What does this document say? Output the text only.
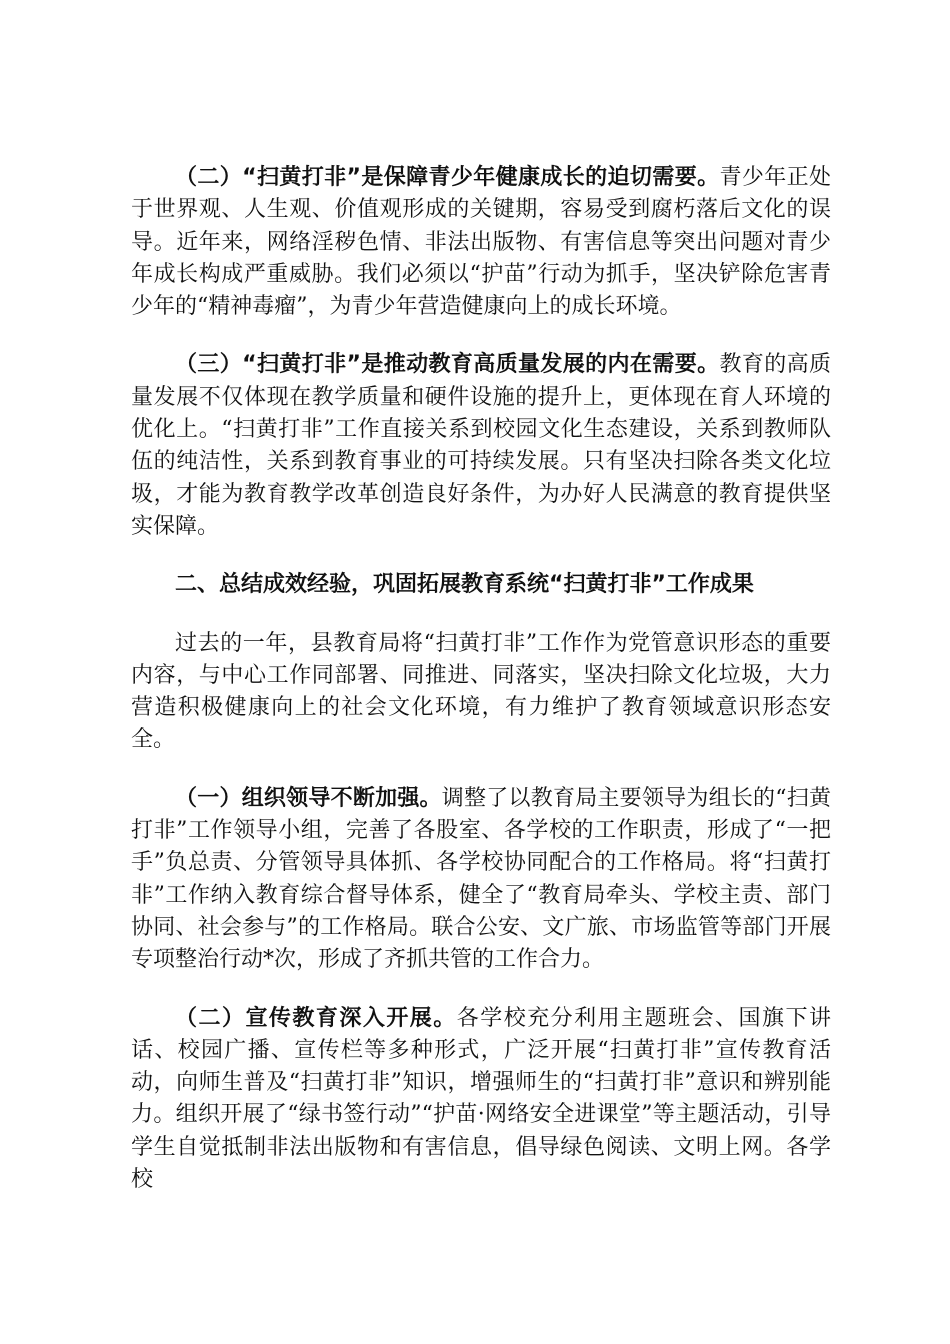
（二）“扫黄打非”是保障青少年健康成长的迫切需要。青少年正处于世界观、人生观、价值观形成的关键期，容易受到腐朽落后文化的误导。近年来，网络淫秽色情、非法出版物、有害信息等突出问题对青少年成长构成严重威胁。我们必须以“护苗”行动为抓手，坚决铲除危害青少年的“精神毒瘤”，为青少年营造健康向上的成长环境。

（三）“扫黄打非”是推动教育高质量发展的内在需要。教育的高质量发展不仅体现在教学质量和硬件设施的提升上，更体现在育人环境的优化上。“扫黄打非”工作直接关系到校园文化生态建设，关系到教师队伍的纯洁性，关系到教育事业的可持续发展。只有坚决扫除各类文化垃圾，才能为教育教学改革创造良好条件，为办好人民满意的教育提供坚实保障。

二、总结成效经验，巩固拓展教育系统“扫黄打非”工作成果

过去的一年，县教育局将“扫黄打非”工作作为党管意识形态的重要内容，与中心工作同部署、同推进、同落实，坚决扫除文化垃圾，大力营造积极健康向上的社会文化环境，有力维护了教育领域意识形态安全。

（一）组织领导不断加强。调整了以教育局主要领导为组长的“扫黄打非”工作领导小组，完善了各股室、各学校的工作职责，形成了“一把手”负总责、分管领导具体抓、各学校协同配合的工作格局。将“扫黄打非”工作纳入教育综合督导体系，健全了“教育局牵头、学校主责、部门协同、社会参与”的工作格局。联合公安、文广旅、市场监管等部门开展专项整治行动*次，形成了齐抓共管的工作合力。

（二）宣传教育深入开展。各学校充分利用主题班会、国旗下讲话、校园广播、宣传栏等多种形式，广泛开展“扫黄打非”宣传教育活动，向师生普及“扫黄打非”知识，增强师生的“扫黄打非”意识和辨别能力。组织开展了“绿书签行动”“护苗·网络安全进课堂”等主题活动，引导学生自觉抵制非法出版物和有害信息，倡导绿色阅读、文明上网。各学校
